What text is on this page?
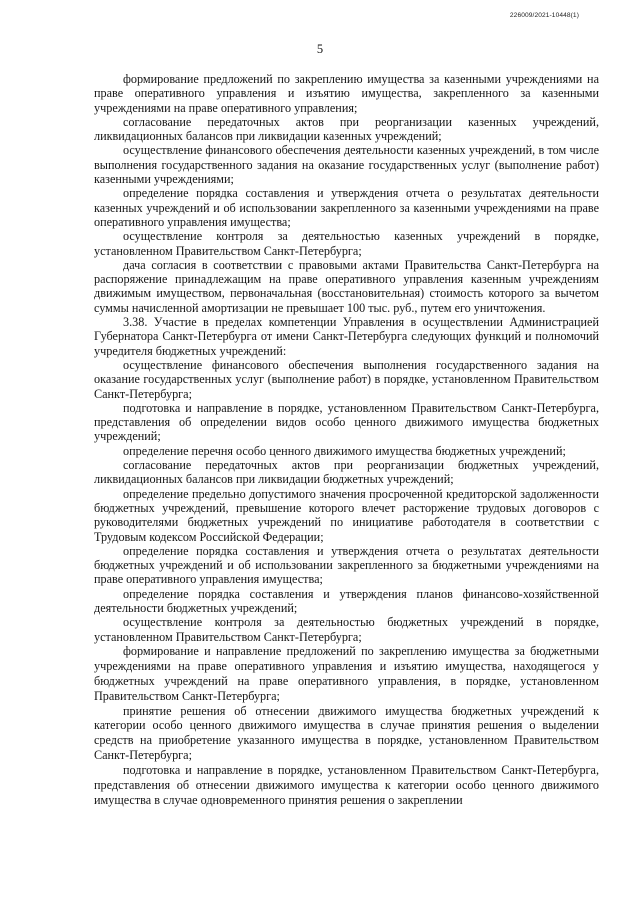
226009/2021-10448(1)
5

формирование предложений по закреплению имущества за казенными учреждениями на праве оперативного управления и изъятию имущества, закрепленного за казенными учреждениями на праве оперативного управления;

согласование передаточных актов при реорганизации казенных учреждений, ликвидационных балансов при ликвидации казенных учреждений;

осуществление финансового обеспечения деятельности казенных учреждений, в том числе выполнения государственного задания на оказание государственных услуг (выполнение работ) казенными учреждениями;

определение порядка составления и утверждения отчета о результатах деятельности казенных учреждений и об использовании закрепленного за казенными учреждениями на праве оперативного управления имущества;

осуществление контроля за деятельностью казенных учреждений в порядке, установленном Правительством Санкт-Петербурга;

дача согласия в соответствии с правовыми актами Правительства Санкт-Петербурга на распоряжение принадлежащим на праве оперативного управления казенным учреждениям движимым имуществом, первоначальная (восстановительная) стоимость которого за вычетом суммы начисленной амортизации не превышает 100 тыс. руб., путем его уничтожения.

3.38. Участие в пределах компетенции Управления в осуществлении Администрацией Губернатора Санкт-Петербурга от имени Санкт-Петербурга следующих функций и полномочий учредителя бюджетных учреждений:

осуществление финансового обеспечения выполнения государственного задания на оказание государственных услуг (выполнение работ) в порядке, установленном Правительством Санкт-Петербурга;

подготовка и направление в порядке, установленном Правительством Санкт-Петербурга, представления об определении видов особо ценного движимого имущества бюджетных учреждений;

определение перечня особо ценного движимого имущества бюджетных учреждений;

согласование передаточных актов при реорганизации бюджетных учреждений, ликвидационных балансов при ликвидации бюджетных учреждений;

определение предельно допустимого значения просроченной кредиторской задолженности бюджетных учреждений, превышение которого влечет расторжение трудовых договоров с руководителями бюджетных учреждений по инициативе работодателя в соответствии с Трудовым кодексом Российской Федерации;

определение порядка составления и утверждения отчета о результатах деятельности бюджетных учреждений и об использовании закрепленного за бюджетными учреждениями на праве оперативного управления имущества;

определение порядка составления и утверждения планов финансово-хозяйственной деятельности бюджетных учреждений;

осуществление контроля за деятельностью бюджетных учреждений в порядке, установленном Правительством Санкт-Петербурга;

формирование и направление предложений по закреплению имущества за бюджетными учреждениями на праве оперативного управления и изъятию имущества, находящегося у бюджетных учреждений на праве оперативного управления, в порядке, установленном Правительством Санкт-Петербурга;

принятие решения об отнесении движимого имущества бюджетных учреждений к категории особо ценного движимого имущества в случае принятия решения о выделении средств на приобретение указанного имущества в порядке, установленном Правительством Санкт-Петербурга;

подготовка и направление в порядке, установленном Правительством Санкт-Петербурга, представления об отнесении движимого имущества к категории особо ценного движимого имущества в случае одновременного принятия решения о закреплении
